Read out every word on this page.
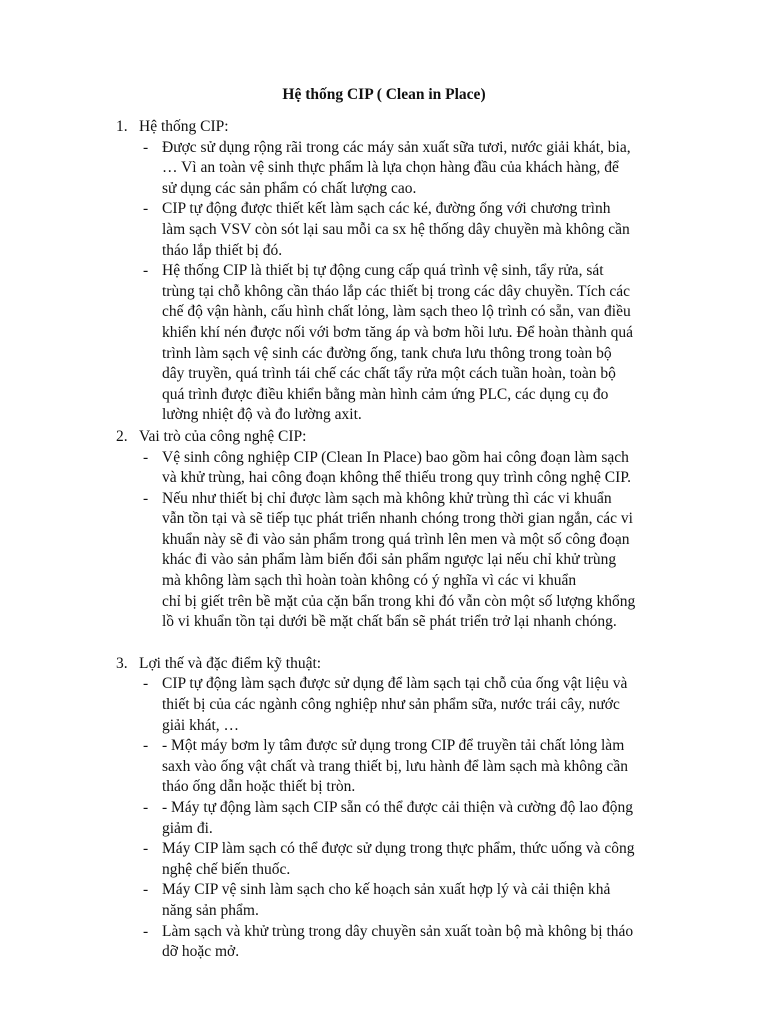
Hệ thống CIP ( Clean in Place)
1. Hệ thống CIP:
- Được sử dụng rộng rãi trong các máy sản xuất sữa tươi, nước giải khát, bia,
… Vì an toàn vệ sinh thực phẩm là lựa chọn hàng đầu của khách hàng, để
sử dụng các sản phẩm có chất lượng cao.
- CIP tự động được thiết kết làm sạch các ké, đường ống với chương trình
làm sạch VSV còn sót lại sau mỗi ca sx hệ thống dây chuyền mà không cần
tháo lắp thiết bị đó.
- Hệ thống CIP là thiết bị tự động cung cấp quá trình vệ sinh, tẩy rửa, sát
trùng tại chỗ không cần tháo lắp các thiết bị trong các dây chuyền. Tích các
chế độ vận hành, cấu hình chất lỏng, làm sạch theo lộ trình có sẵn, van điều
khiển khí nén được nối với bơm tăng áp và bơm hồi lưu. Để hoàn thành quá
trình làm sạch vệ sinh các đường ống, tank chưa lưu thông trong toàn bộ
dây truyền, quá trình tái chế các chất tẩy rửa một cách tuần hoàn, toàn bộ
quá trình được điều khiển bằng màn hình cảm ứng PLC, các dụng cụ đo
lường nhiệt độ và đo lường axit.
2. Vai trò của công nghệ CIP:
- Vệ sinh công nghiệp CIP (Clean In Place) bao gồm hai công đoạn làm sạch
và khử trùng, hai công đoạn không thể thiếu trong quy trình công nghệ CIP.
- Nếu như thiết bị chỉ được làm sạch mà không khử trùng thì các vi khuẩn
vẫn tồn tại và sẽ tiếp tục phát triển nhanh chóng trong thời gian ngắn, các vi
khuẩn này sẽ đi vào sản phẩm trong quá trình lên men và một số công đoạn
khác đi vào sản phẩm làm biến đổi sản phẩm ngược lại nếu chỉ khử trùng
mà không làm sạch thì hoàn toàn không có ý nghĩa vì các vi khuẩn
chỉ bị giết trên bề mặt của cặn bẩn trong khi đó vẫn còn một số lượng khổng
lồ vi khuẩn tồn tại dưới bề mặt chất bẩn sẽ phát triển trở lại nhanh chóng.
3. Lợi thế và đặc điểm kỹ thuật:
- CIP tự động làm sạch được sử dụng để làm sạch tại chỗ của ống vật liệu và
thiết bị của các ngành công nghiệp như sản phẩm sữa, nước trái cây, nước
giải khát, …
- - Một máy bơm ly tâm được sử dụng trong CIP để truyền tải chất lỏng làm
saxh vào ống vật chất và trang thiết bị, lưu hành để làm sạch mà không cần
tháo ống dẫn hoặc thiết bị tròn.
- - Máy tự động làm sạch CIP sẵn có thể được cải thiện và cường độ lao động
giảm đi.
- Máy CIP làm sạch có thể được sử dụng trong thực phẩm, thức uống và công
nghệ chế biến thuốc.
- Máy CIP vệ sinh làm sạch cho kế hoạch sản xuất hợp lý và cải thiện khả
năng sản phẩm.
- Làm sạch và khử trùng trong dây chuyền sản xuất toàn bộ mà không bị tháo
dỡ hoặc mở.
